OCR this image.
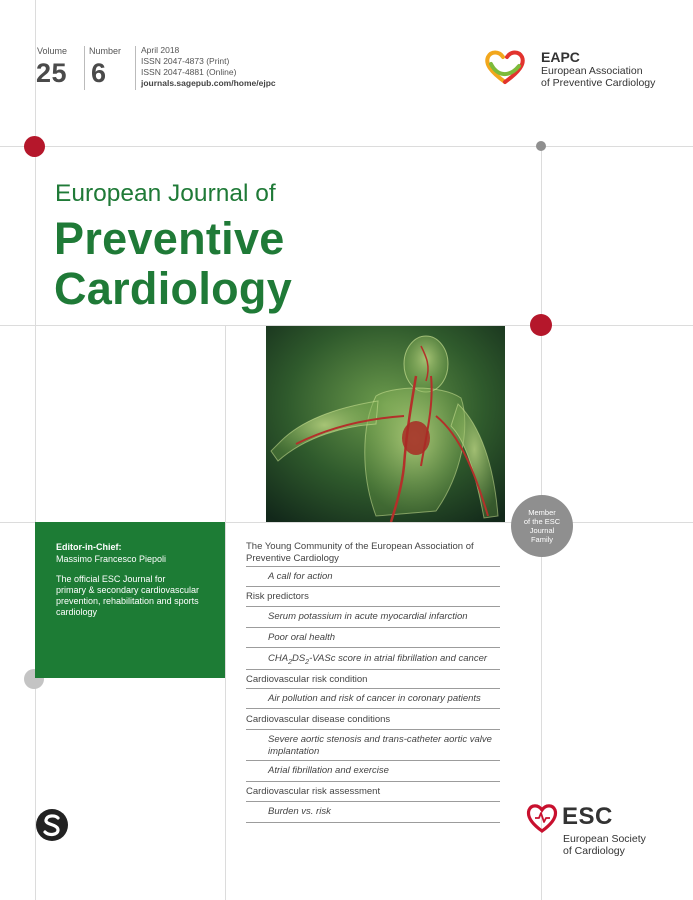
Volume
25
Number
6
April 2018
ISSN 2047-4873 (Print)
ISSN 2047-4881 (Online)
journals.sagepub.com/home/ejpc
EAPC
European Association
of Preventive Cardiology
European Journal of
Preventive
Cardiology
Member
of the ESC
Journal
Family
Editor-in-Chief:
Massimo Francesco Piepoli
The official ESC Journal for
primary & secondary cardiovascular
prevention, rehabilitation and sports
cardiology
The Young Community of the European Association of
Preventive Cardiology
A call for action
Risk predictors
Serum potassium in acute myocardial infarction
Poor oral health
$CHA_2DS_2$-VASc score in atrial fibrillation and cancer
Cardiovascular risk condition
Air pollution and risk of cancer in coronary patients
Cardiovascular disease conditions
Severe aortic stenosis and trans-catheter aortic valve
implantation
Atrial fibrillation and exercise
Cardiovascular risk assessment
Burden vs. risk	ESC
European Society
of Cardiology
